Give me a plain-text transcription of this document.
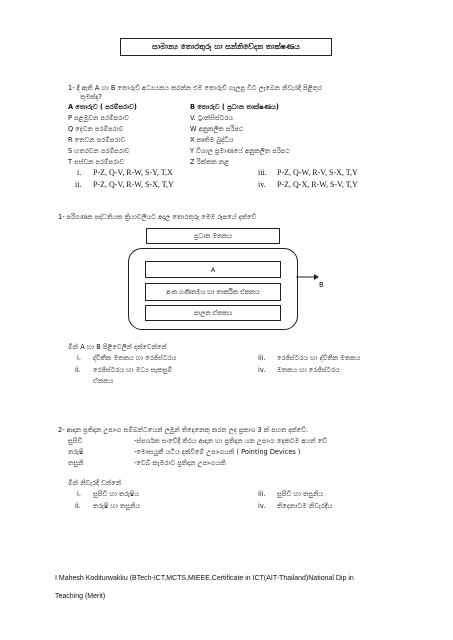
සාමාන්‍ය තොරතුරු හා සන්නිවේදන තාක්ෂණය
1- දී ඇති A හා B තොරුව් අධ්‍යයනය කරන්න එම තොරුව් ගැලපූ විට ලැබෙන නිවැරදි පිළිතුර
තුමක්ද?
A තොරුව ( පරම්පරාව)	B තොරුව ( ප්‍රධාන තාක්ෂණය)
P පළමුවන පරම්පරාව	V. ට්‍රාන්සිස්ටරය
Q දෙවන පරම්පරාව	W අනුකලිත පරිපථ
R තෙවන පරම්පරාව	X කෘතිම බුද්ධිය
S හතරවන පරම්පරාව	Y විශාල ප්‍රමාණයේ අනුකලිත පරිපථ
T පස්වන පරම්පරාව	Z රික්තක නළ
i. P-Z, Q-V, R-W, S-Y, T,X	iii. P-Z, Q-W, R-V, S-X, T,Y
ii. P-Z, Q-V, R-W, S-X, T,Y	iv. P-Z, Q-X, R-W, S-V, T,Y
1- පරිගණක පද්ධතියක ක්‍රියාවලියට අදාල තොරතුරු මෙම රූපයේ දක්වේ
ප්‍රධාන මතකය
A
අංක ගණිතමය හා තාර්කික ඒකකය
පාලන ඒකකය
B
මින් A හා B පිළිවෙලින් දක්වෙන්නේ
i. ද්විතීක මතකය හා රෙජිස්ටරය	iii. රෙජිස්ටරය හා ද්විතීක මතකය
ii. රෙජිස්ටරය හා මධ්‍ය සැකසුම්	iv. මතකය හා රෙජිස්ටරය
ඒකකය
2- ආදාන ප්‍රතිදාන උපාංග සම්බන්ධයෙන් ලමුන් තිදෙනෙකු කරන ලද ප්‍රකාශ 3 ක් පහත දක්වේ.
සුසිඩි	-ස්පර්ශක සංවේදී තිරය ආදාන හා ප්‍රතිදාන යන උපාංග දෙකටම අයත් වේ
තරුෂි	-මෞසයුකී යටිය දක්වීමේ උපාංගයකි ( Pointing Devices )
තසුනි	-වෙබ් කැමරාව ප්‍රතිදාන උපාංගයකි
මින් නිවැරදි වන්නේ
i. සුසිඩි හා තරුෂිය	iii. සුසිඩි හා තසුනිය
ii. තරුෂි හා තසුනිය	iv. තිදෙනාටම නිවැරදිය
I Mahesh Koditurwakku (BTech-ICT,MCTS,MIEEE,Certificate in ICT(AIT-Thailand)National Dip in
Teaching (Merit)
